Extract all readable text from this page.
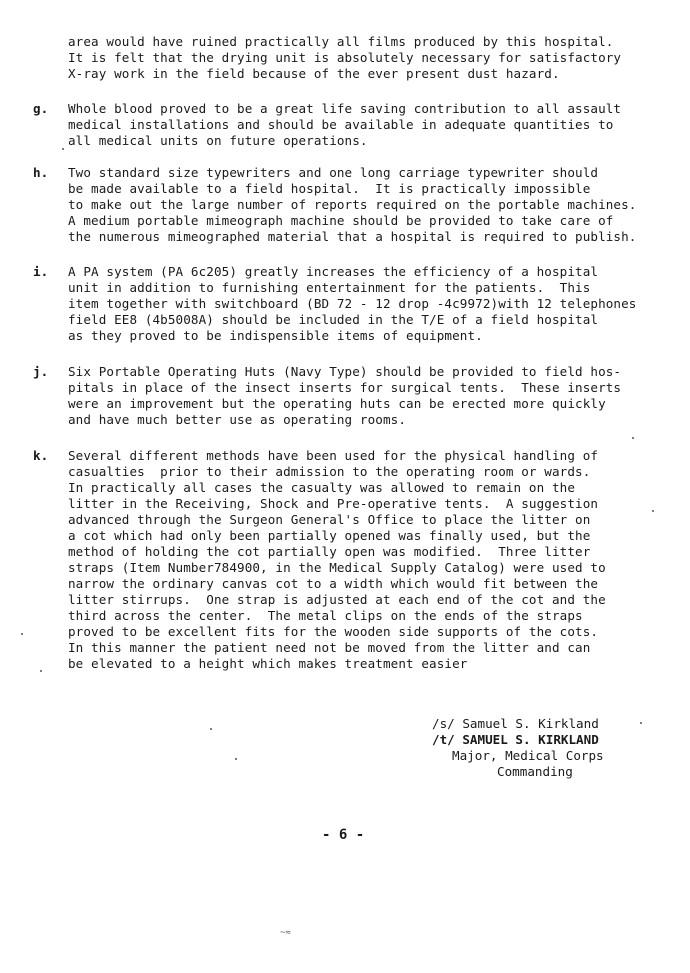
area would have ruined practically all films produced by this hospital.
It is felt that the drying unit is absolutely necessary for satisfactory
X-ray work in the field because of the ever present dust hazard.
g. Whole blood proved to be a great life saving contribution to all assault
medical installations and should be available in adequate quantities to
all medical units on future operations.
h. Two standard size typewriters and one long carriage typewriter should
be made available to a field hospital.  It is practically impossible
to make out the large number of reports required on the portable machines.
A medium portable mimeograph machine should be provided to take care of
the numerous mimeographed material that a hospital is required to publish.
i. A PA system (PA 6c205) greatly increases the efficiency of a hospital
unit in addition to furnishing entertainment for the patients.  This
item together with switchboard (BD 72 - 12 drop -4c9972)with 12 telephones
field EE8 (4b5008A) should be included in the T/E of a field hospital
as they proved to be indispensible items of equipment.
j. Six Portable Operating Huts (Navy Type) should be provided to field hos-
pitals in place of the insect inserts for surgical tents.  These inserts
were an improvement but the operating huts can be erected more quickly
and have much better use as operating rooms.
k. Several different methods have been used for the physical handling of
casualties  prior to their admission to the operating room or wards.
In practically all cases the casualty was allowed to remain on the
litter in the Receiving, Shock and Pre-operative tents.  A suggestion
advanced through the Surgeon General's Office to place the litter on
a cot which had only been partially opened was finally used, but the
method of holding the cot partially open was modified.  Three litter
straps (Item Number784900, in the Medical Supply Catalog) were used to
narrow the ordinary canvas cot to a width which would fit between the
litter stirrups.  One strap is adjusted at each end of the cot and the
third across the center.  The metal clips on the ends of the straps
proved to be excellent fits for the wooden side supports of the cots.
In this manner the patient need not be moved from the litter and can
be elevated to a height which makes treatment easier
/s/ Samuel S. Kirkland
/t/ SAMUEL S. KIRKLAND
Major, Medical Corps
Commanding
- 6 -
~≈
